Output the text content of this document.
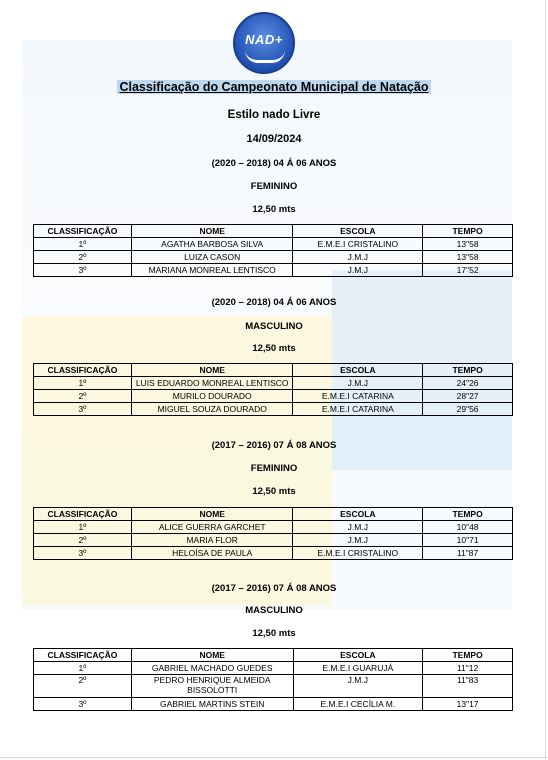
NAD+
Classificação do Campeonato Municipal de Natação
Estilo nado Livre
14/09/2024
(2020 – 2018) 04 Á 06 ANOS
FEMININO
12,50 mts
CLASSIFICAÇÃO	NOME	ESCOLA	TEMPO
1º	AGATHA BARBOSA SILVA	E.M.E.I CRISTALINO	13"58
2º	LUIZA CASON	J.M.J	13"58
3º	MARIANA MONREAL LENTISCO	J.M.J	17"52
(2020 – 2018) 04 Á 06 ANOS
MASCULINO
12,50 mts
CLASSIFICAÇÃO	NOME	ESCOLA	TEMPO
1º	LUIS EDUARDO MONREAL LENTISCO	J.M.J	24"26
2º	MURILO DOURADO	E.M.E.I CATARINA	28"27
3º	MIGUEL SOUZA DOURADO	E.M.E.I CATARINA	29"56
(2017 – 2016) 07 Á 08 ANOS
FEMININO
12,50 mts
CLASSIFICAÇÃO	NOME	ESCOLA	TEMPO
1º	ALICE GUERRA GARCHET	J.M.J	10"48
2º	MARIA FLOR	J.M.J	10"71
3º	HELOÍSA DE PAULA	E.M.E.I CRISTALINO	11"87
(2017 – 2016) 07 Á 08 ANOS
MASCULINO
12,50 mts
CLASSIFICAÇÃO	NOME	ESCOLA	TEMPO
1º	GABRIEL MACHADO GUEDES	E.M.E.I GUARUJÁ	11"12
2º	PEDRO HENRIQUE ALMEIDA BISSOLOTTI	J.M.J	11"83
3º	GABRIEL MARTINS STEIN	E.M.E.I CECÍLIA M.	13"17
